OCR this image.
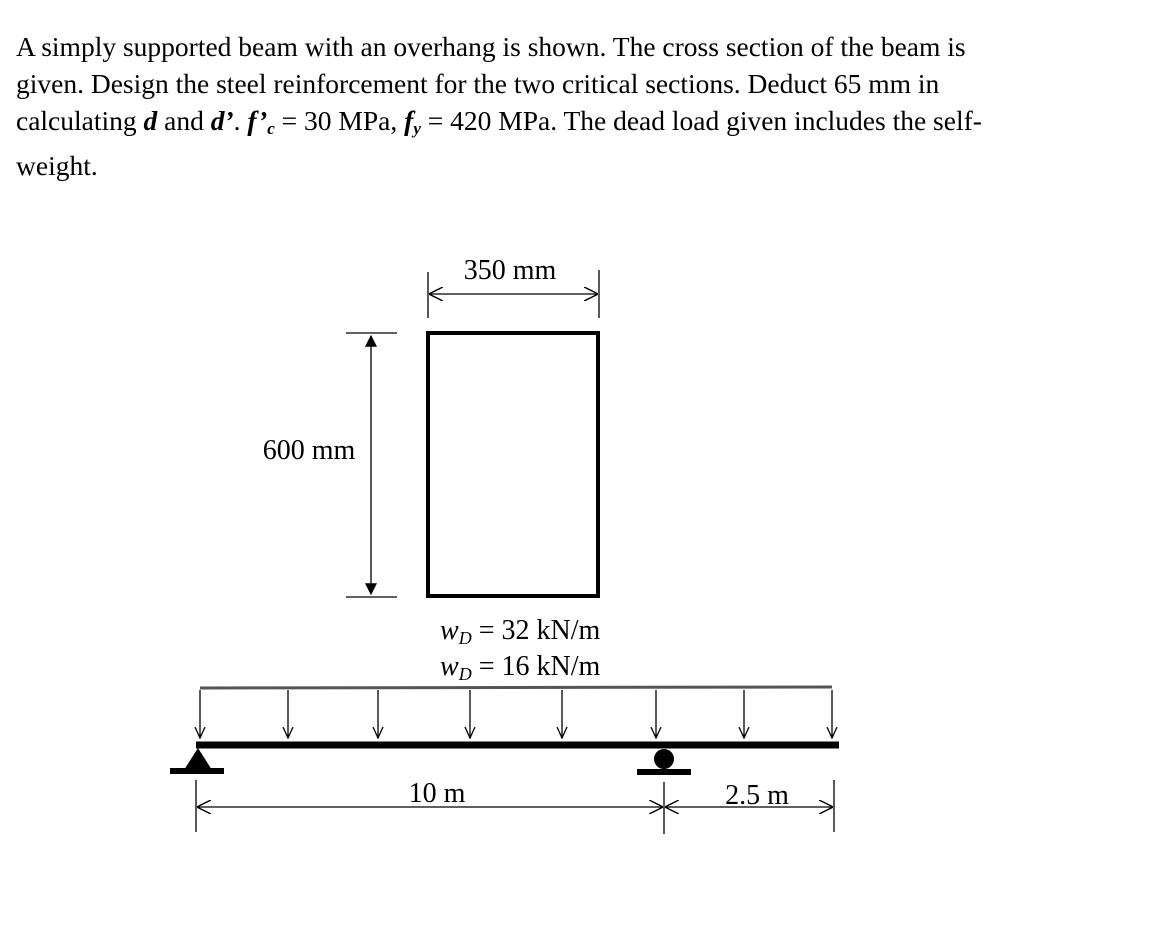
A simply supported beam with an overhang is shown. The cross section of the beam is
given. Design the steel reinforcement for the two critical sections. Deduct 65 mm in
calculating d and d’. $f’_c = 30$ MPa, $f_y = 420$ MPa. The dead load given includes the self-
weight.
350 mm
600 mm
wD = 32 kN/m
wD = 16 kN/m
10 m	2.5 m
